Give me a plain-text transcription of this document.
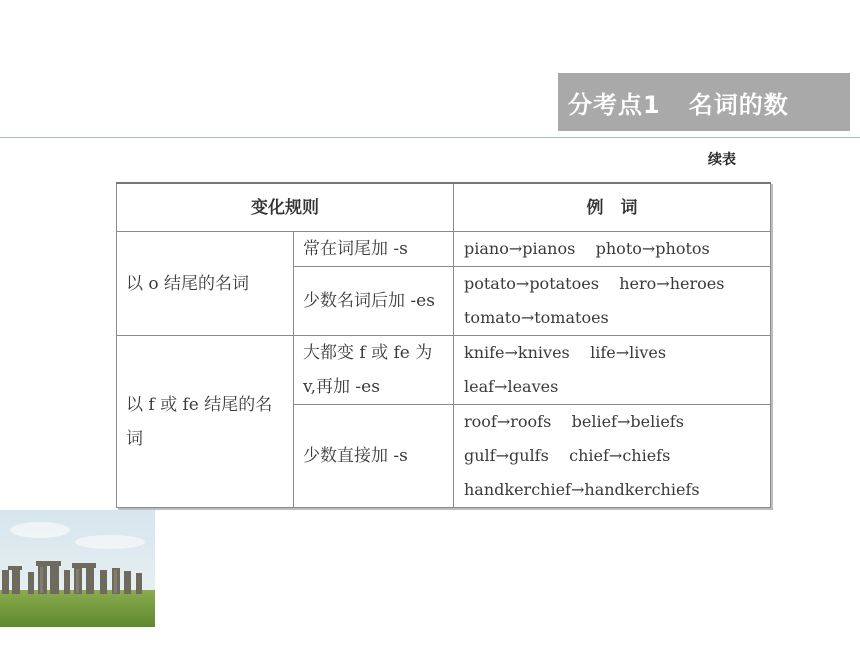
分考点1   名词的数
续表
变化规则		例　词
以 o 结尾的名词	常在词尾加 -s	piano→pianos    photo→photos

	少数名词后加 -es	potato→potatoes    hero→heroes
tomato→tomatoes

以 f 或 fe 结尾的名词	大都变 f 或 fe 为 v,再加 -es	knife→knives    life→lives
leaf→leaves

	少数直接加 -s	roof→roofs    belief→beliefs
gulf→gulfs    chief→chiefs
handkerchief→handkerchiefs
